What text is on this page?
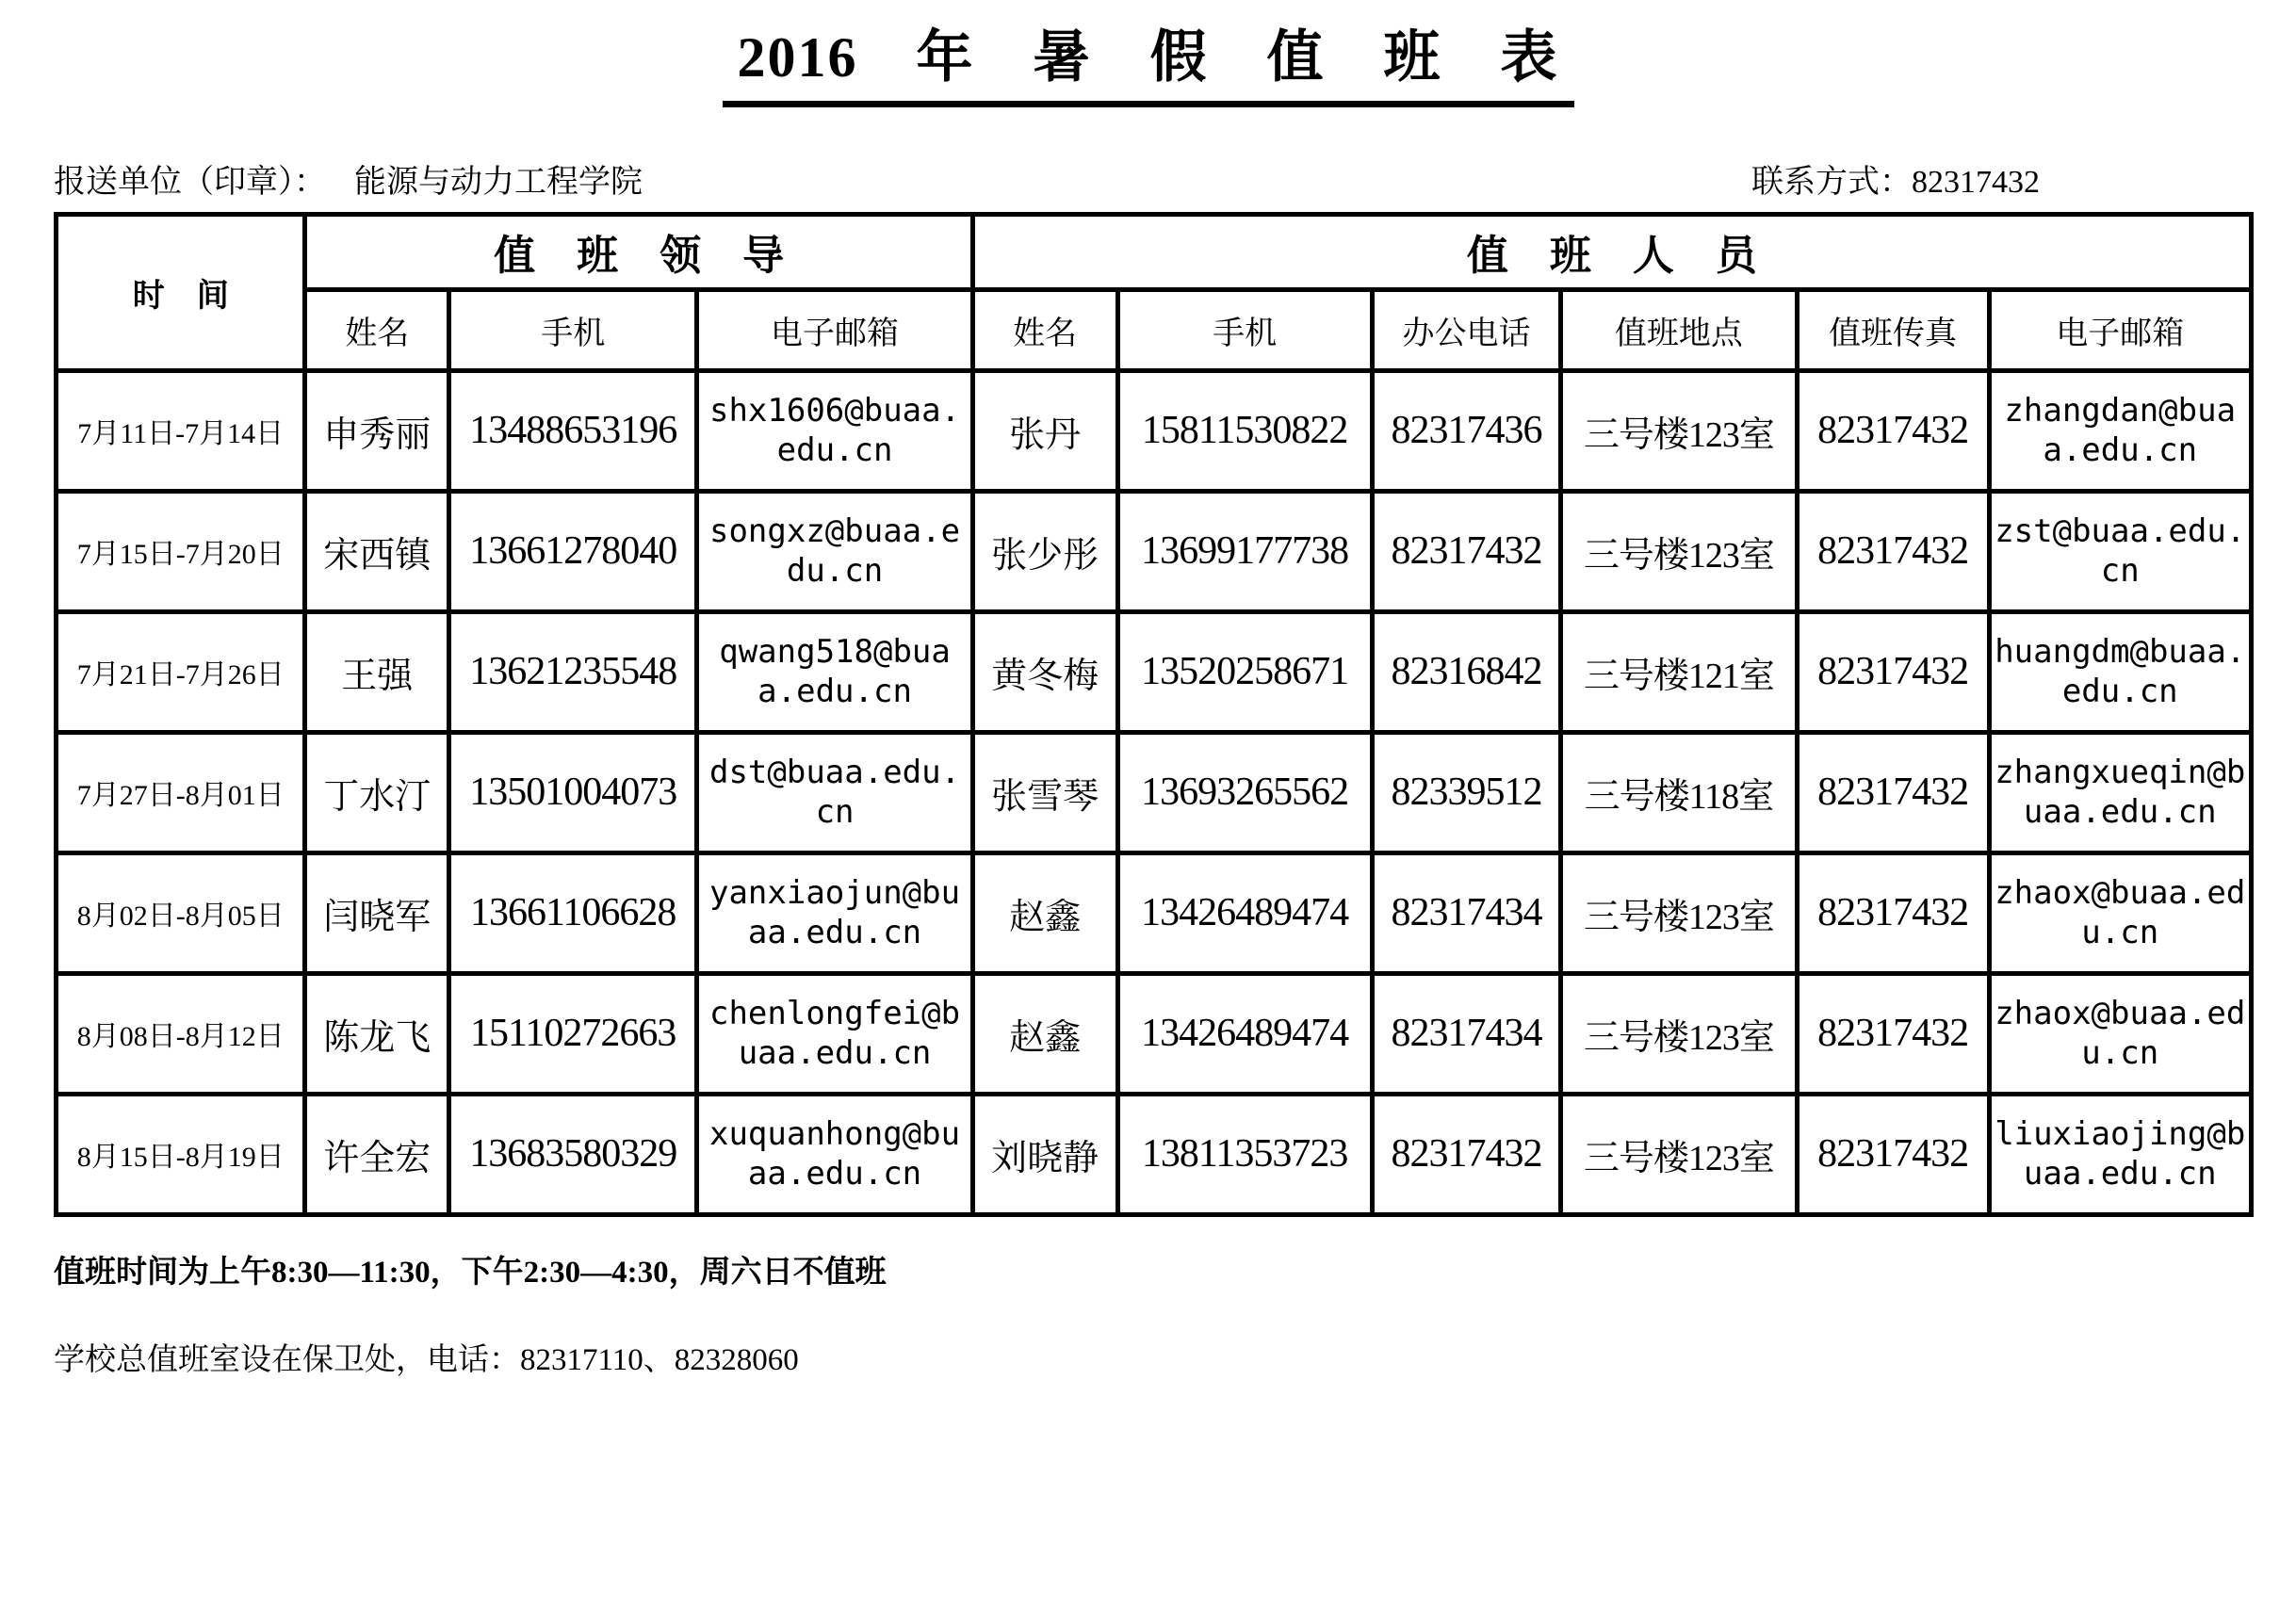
2016　年　暑　假　值　班　表
报送单位（印章）： 能源与动力工程学院	联系方式：82317432
时　间	值　班　领　导			值　班　人　员					
	姓名	手机	电子邮箱	姓名	手机	办公电话	值班地点	值班传真	电子邮箱
7月11日-7月14日	申秀丽	13488653196	shx1606@buaa.edu.cn	张丹	15811530822	82317436	三号楼123室	82317432	zhangdan@buaa.edu.cn
7月15日-7月20日	宋西镇	13661278040	songxz@buaa.edu.cn	张少彤	13699177738	82317432	三号楼123室	82317432	zst@buaa.edu.cn
7月21日-7月26日	王强	13621235548	qwang518@buaa.edu.cn	黄冬梅	13520258671	82316842	三号楼121室	82317432	huangdm@buaa.edu.cn
7月27日-8月01日	丁水汀	13501004073	dst@buaa.edu.cn	张雪琴	13693265562	82339512	三号楼118室	82317432	zhangxueqin@buaa.edu.cn
8月02日-8月05日	闫晓军	13661106628	yanxiaojun@buaa.edu.cn	赵鑫	13426489474	82317434	三号楼123室	82317432	zhaox@buaa.edu.cn
8月08日-8月12日	陈龙飞	15110272663	chenlongfei@buaa.edu.cn	赵鑫	13426489474	82317434	三号楼123室	82317432	zhaox@buaa.edu.cn
8月15日-8月19日	许全宏	13683580329	xuquanhong@buaa.edu.cn	刘晓静	13811353723	82317432	三号楼123室	82317432	liuxiaojing@buaa.edu.cn

值班时间为上午8:30—11:30，下午2:30—4:30，周六日不值班

学校总值班室设在保卫处，电话：82317110、82328060
